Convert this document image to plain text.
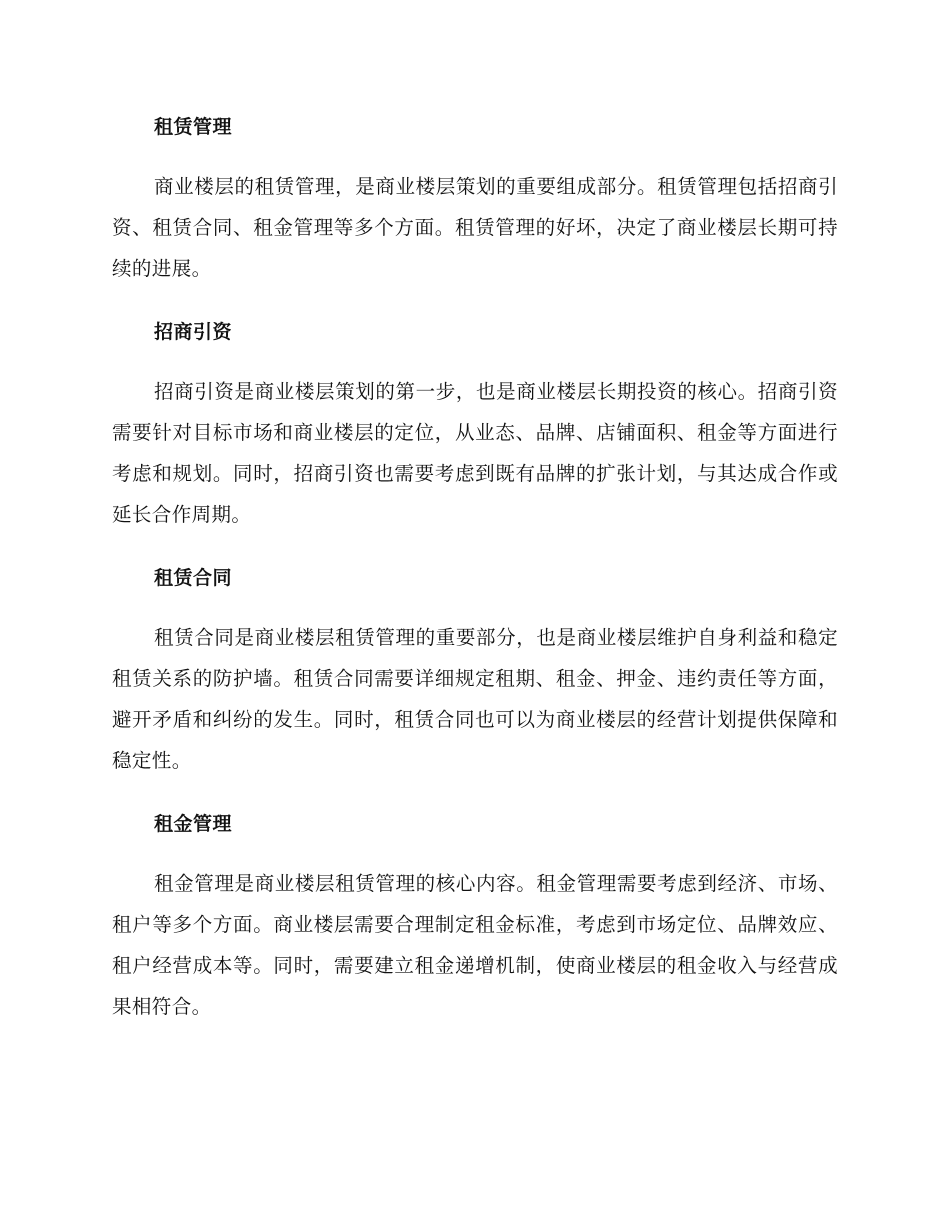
租赁管理

商业楼层的租赁管理，是商业楼层策划的重要组成部分。租赁管理包括招商引资、租赁合同、租金管理等多个方面。租赁管理的好坏，决定了商业楼层长期可持续的进展。

招商引资

招商引资是商业楼层策划的第一步，也是商业楼层长期投资的核心。招商引资需要针对目标市场和商业楼层的定位，从业态、品牌、店铺面积、租金等方面进行考虑和规划。同时，招商引资也需要考虑到既有品牌的扩张计划，与其达成合作或延长合作周期。

租赁合同

租赁合同是商业楼层租赁管理的重要部分，也是商业楼层维护自身利益和稳定租赁关系的防护墙。租赁合同需要详细规定租期、租金、押金、违约责任等方面，避开矛盾和纠纷的发生。同时，租赁合同也可以为商业楼层的经营计划提供保障和稳定性。

租金管理

租金管理是商业楼层租赁管理的核心内容。租金管理需要考虑到经济、市场、租户等多个方面。商业楼层需要合理制定租金标准，考虑到市场定位、品牌效应、租户经营成本等。同时，需要建立租金递增机制，使商业楼层的租金收入与经营成果相符合。
